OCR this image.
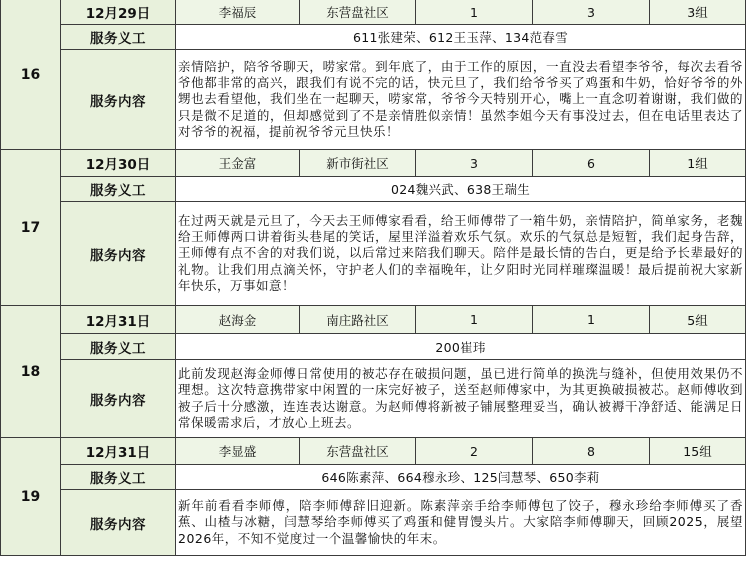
16	12月29日	李福辰	东营盘社区	1	3	3组
	服务义工	611张建荣、612王玉萍、134范春雪				
	服务内容	亲情陪护，陪爷爷聊天，唠家常。到年底了，由于工作的原因，一直没去看望李爷爷，每次去看爷爷他都非常的高兴，跟我们有说不完的话，快元旦了，我们给爷爷买了鸡蛋和牛奶，恰好爷爷的外甥也去看望他，我们坐在一起聊天，唠家常，爷爷今天特别开心，嘴上一直念叨着谢谢，我们做的只是微不足道的，但却感觉到了不是亲情胜似亲情！虽然李姐今天有事没过去，但在电话里表达了对爷爷的祝福，提前祝爷爷元旦快乐！				
17	12月30日	王金富	新市街社区	3	6	1组
	服务义工	024魏兴武、638王瑞生				
	服务内容	在过两天就是元旦了，今天去王师傅家看看，给王师傅带了一箱牛奶，亲情陪护，简单家务，老魏给王师傅两口讲着街头巷尾的笑话，屋里洋溢着欢乐气氛。欢乐的气氛总是短暂，我们起身告辞，王师傅有点不舍的对我们说，以后常过来陪我们聊天。陪伴是最长情的告白，更是给予长辈最好的礼物。让我们用点滴关怀，守护老人们的幸福晚年，让夕阳时光同样璀璨温暖！最后提前祝大家新年快乐，万事如意！				
18	12月31日	赵海金	南庄路社区	1	1	5组
	服务义工	200崔玮				
	服务内容	此前发现赵海金师傅日常使用的被芯存在破损问题，虽已进行简单的换洗与缝补，但使用效果仍不理想。这次特意携带家中闲置的一床完好被子，送至赵师傅家中，为其更换破损被芯。赵师傅收到被子后十分感激，连连表达谢意。为赵师傅将新被子铺展整理妥当，确认被褥干净舒适、能满足日常保暖需求后，才放心上班去。				
19	12月31日	李显盛	东营盘社区	2	8	15组
	服务义工	646陈素萍、664穆永珍、125闫慧琴、650李莉				
	服务内容	新年前看看李师傅，陪李师傅辞旧迎新。陈素萍亲手给李师傅包了饺子，穆永珍给李师傅买了香蕉、山楂与冰糖，闫慧琴给李师傅买了鸡蛋和健胃馒头片。大家陪李师傅聊天，回顾2025，展望2026年，不知不觉度过一个温馨愉快的年末。				
